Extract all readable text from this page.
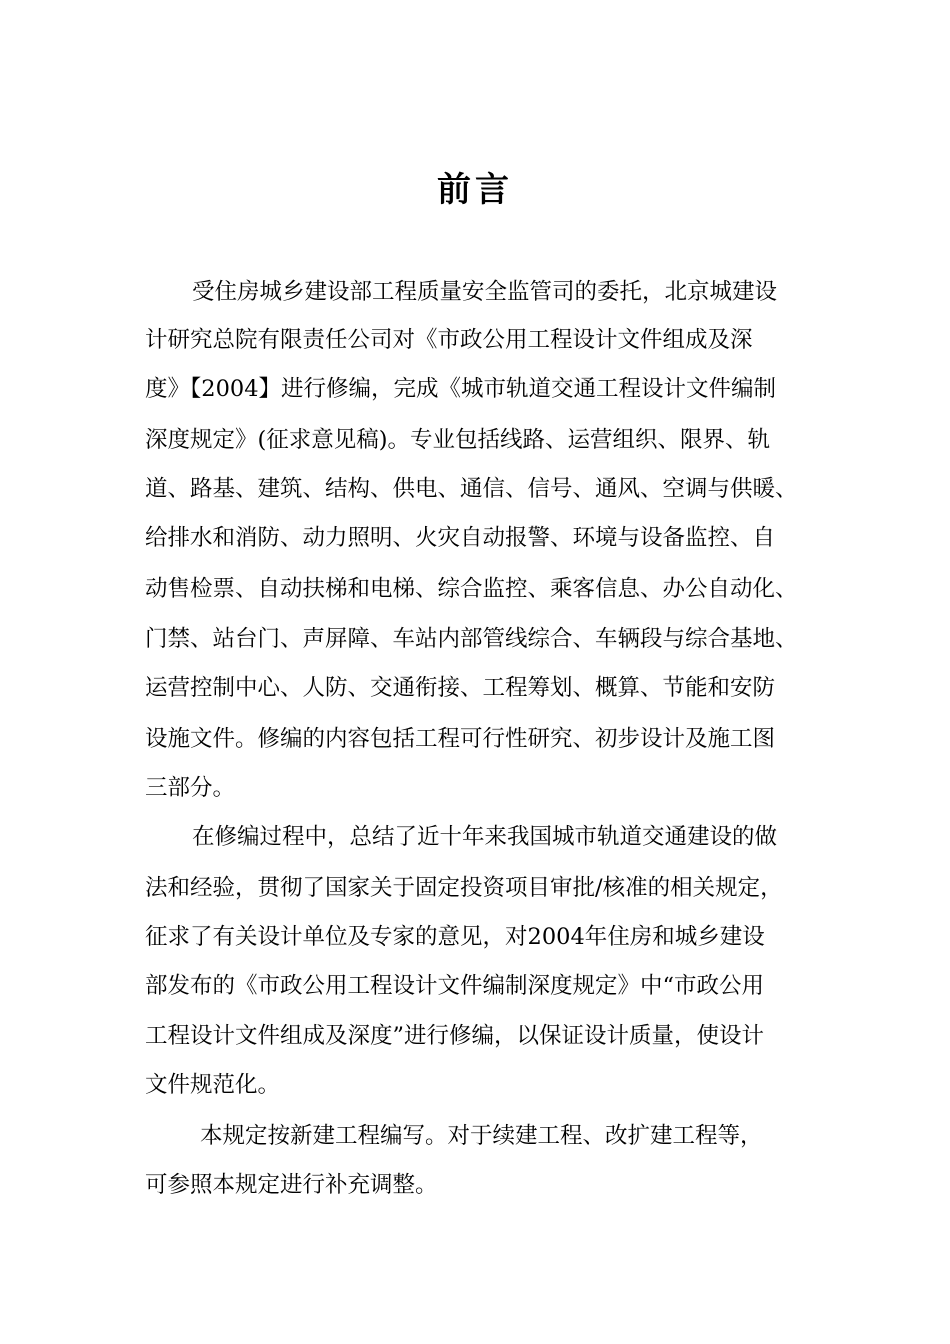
前言
受住房城乡建设部工程质量安全监管司的委托，北京城建设
计研究总院有限责任公司对《市政公用工程设计文件组成及深
度》【2004】进行修编，完成《城市轨道交通工程设计文件编制
深度规定》(征求意见稿)。专业包括线路、运营组织、限界、轨
道、路基、建筑、结构、供电、通信、信号、通风、空调与供暖、
给排水和消防、动力照明、火灾自动报警、环境与设备监控、自
动售检票、自动扶梯和电梯、综合监控、乘客信息、办公自动化、
门禁、站台门、声屏障、车站内部管线综合、车辆段与综合基地、
运营控制中心、人防、交通衔接、工程筹划、概算、节能和安防
设施文件。修编的内容包括工程可行性研究、初步设计及施工图
三部分。
在修编过程中，总结了近十年来我国城市轨道交通建设的做
法和经验，贯彻了国家关于固定投资项目审批/核准的相关规定，
征求了有关设计单位及专家的意见，对2004年住房和城乡建设
部发布的《市政公用工程设计文件编制深度规定》中“市政公用
工程设计文件组成及深度”进行修编，以保证设计质量，使设计
文件规范化。
本规定按新建工程编写。对于续建工程、改扩建工程等，
可参照本规定进行补充调整。
